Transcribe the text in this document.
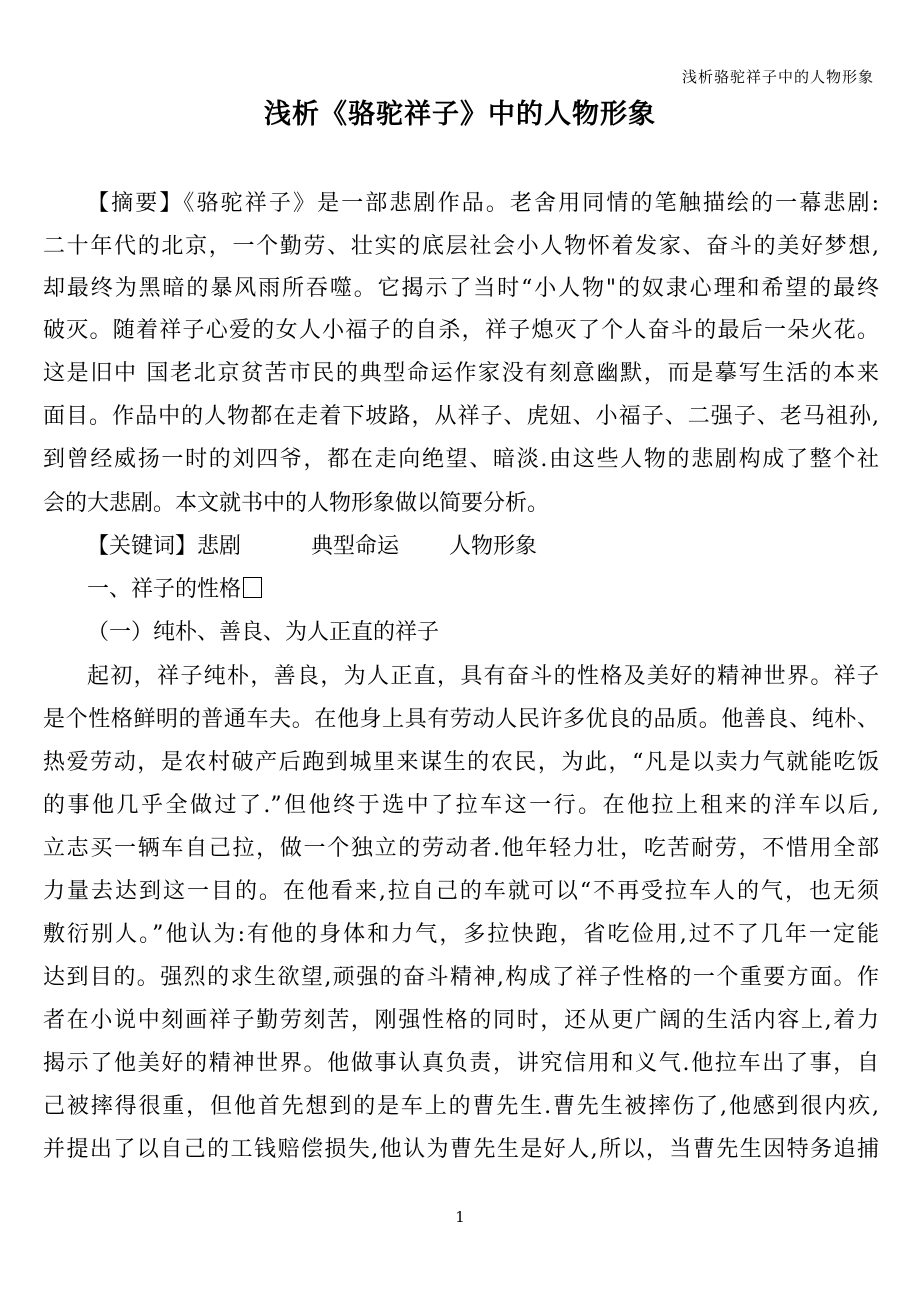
浅析骆驼祥子中的人物形象
浅析《骆驼祥子》中的人物形象
【摘要】《骆驼祥子》是一部悲剧作品。老舍用同情的笔触描绘的一幕悲剧:
二十年代的北京，一个勤劳、壮实的底层社会小人物怀着发家、奋斗的美好梦想,
却最终为黑暗的暴风雨所吞噬。它揭示了当时“小人物"的奴隶心理和希望的最终
破灭。随着祥子心爱的女人小福子的自杀，祥子熄灭了个人奋斗的最后一朵火花。
这是旧中 国老北京贫苦市民的典型命运作家没有刻意幽默，而是摹写生活的本来
面目。作品中的人物都在走着下坡路，从祥子、虎妞、小福子、二强子、老马祖孙,
到曾经威扬一时的刘四爷，都在走向绝望、暗淡.由这些人物的悲剧构成了整个社
会的大悲剧。本文就书中的人物形象做以简要分析。
【关键词】悲剧	典型命运 人物形象
一、祥子的性格
（一）纯朴、善良、为人正直的祥子
起初，祥子纯朴，善良，为人正直，具有奋斗的性格及美好的精神世界。祥子
是个性格鲜明的普通车夫。在他身上具有劳动人民许多优良的品质。他善良、纯朴、
热爱劳动，是农村破产后跑到城里来谋生的农民，为此，“凡是以卖力气就能吃饭
的事他几乎全做过了.”但他终于选中了拉车这一行。在他拉上租来的洋车以后,
立志买一辆车自己拉，做一个独立的劳动者.他年轻力壮，吃苦耐劳，不惜用全部
力量去达到这一目的。在他看来,拉自己的车就可以“不再受拉车人的气，也无须
敷衍别人。”他认为:有他的身体和力气，多拉快跑，省吃俭用,过不了几年一定能
达到目的。强烈的求生欲望,顽强的奋斗精神,构成了祥子性格的一个重要方面。作
者在小说中刻画祥子勤劳刻苦，刚强性格的同时，还从更广阔的生活内容上,着力
揭示了他美好的精神世界。他做事认真负责，讲究信用和义气.他拉车出了事，自
己被摔得很重，但他首先想到的是车上的曹先生.曹先生被摔伤了,他感到很内疚,
并提出了以自己的工钱赔偿损失,他认为曹先生是好人,所以，当曹先生因特务追捕
1
